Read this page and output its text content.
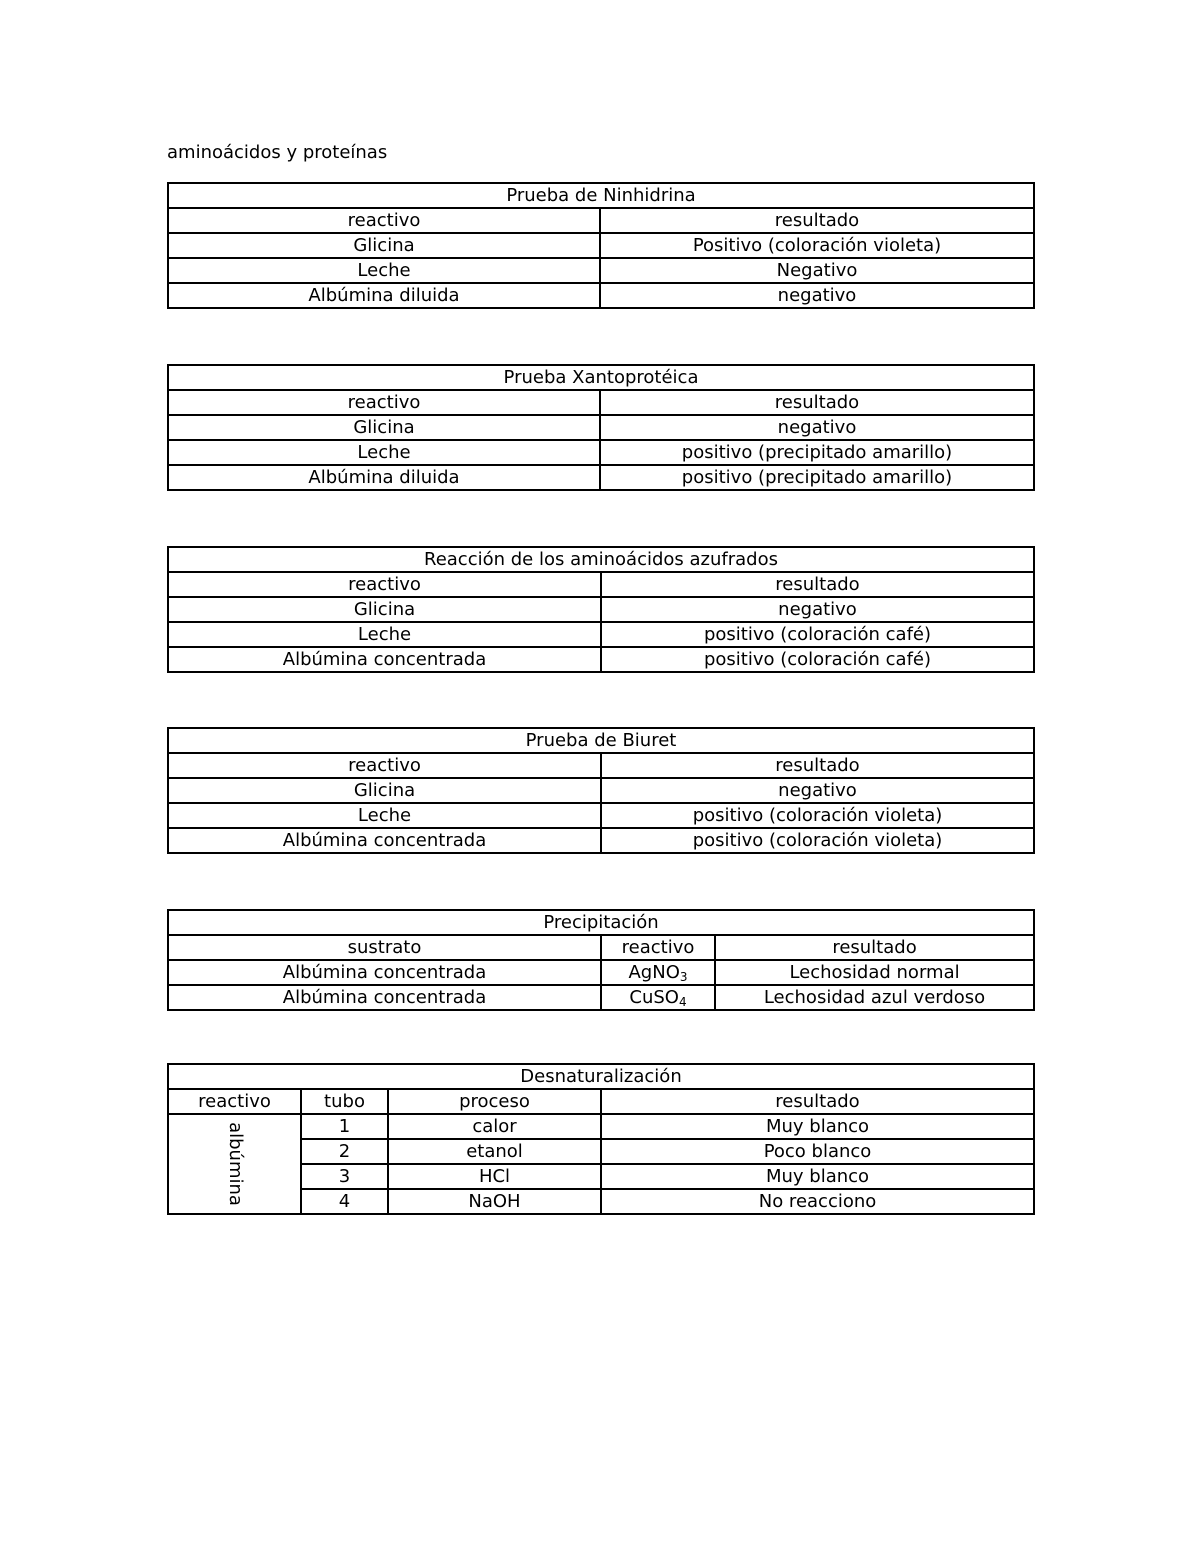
aminoácidos y proteínas
Prueba de Ninhidrina	
reactivo	resultado
Glicina	Positivo (coloración violeta)
Leche	Negativo
Albúmina diluida	negativo
Prueba Xantoprotéica	
reactivo	resultado
Glicina	negativo
Leche	positivo (precipitado amarillo)
Albúmina diluida	positivo (precipitado amarillo)
Reacción de los aminoácidos azufrados	
reactivo	resultado
Glicina	negativo
Leche	positivo (coloración café)
Albúmina concentrada	positivo (coloración café)
Prueba de Biuret	
reactivo	resultado
Glicina	negativo
Leche	positivo (coloración violeta)
Albúmina concentrada	positivo (coloración violeta)
Precipitación		
sustrato	reactivo	resultado
Albúmina concentrada	AgNO$_3$	Lechosidad normal
Albúmina concentrada	CuSO$_4$	Lechosidad azul verdoso
Desnaturalización			
reactivo	tubo	proceso	resultado
albúmina	1	calor	Muy blanco
	2	etanol	Poco blanco
	3	HCl	Muy blanco
	4	NaOH	No reacciono
